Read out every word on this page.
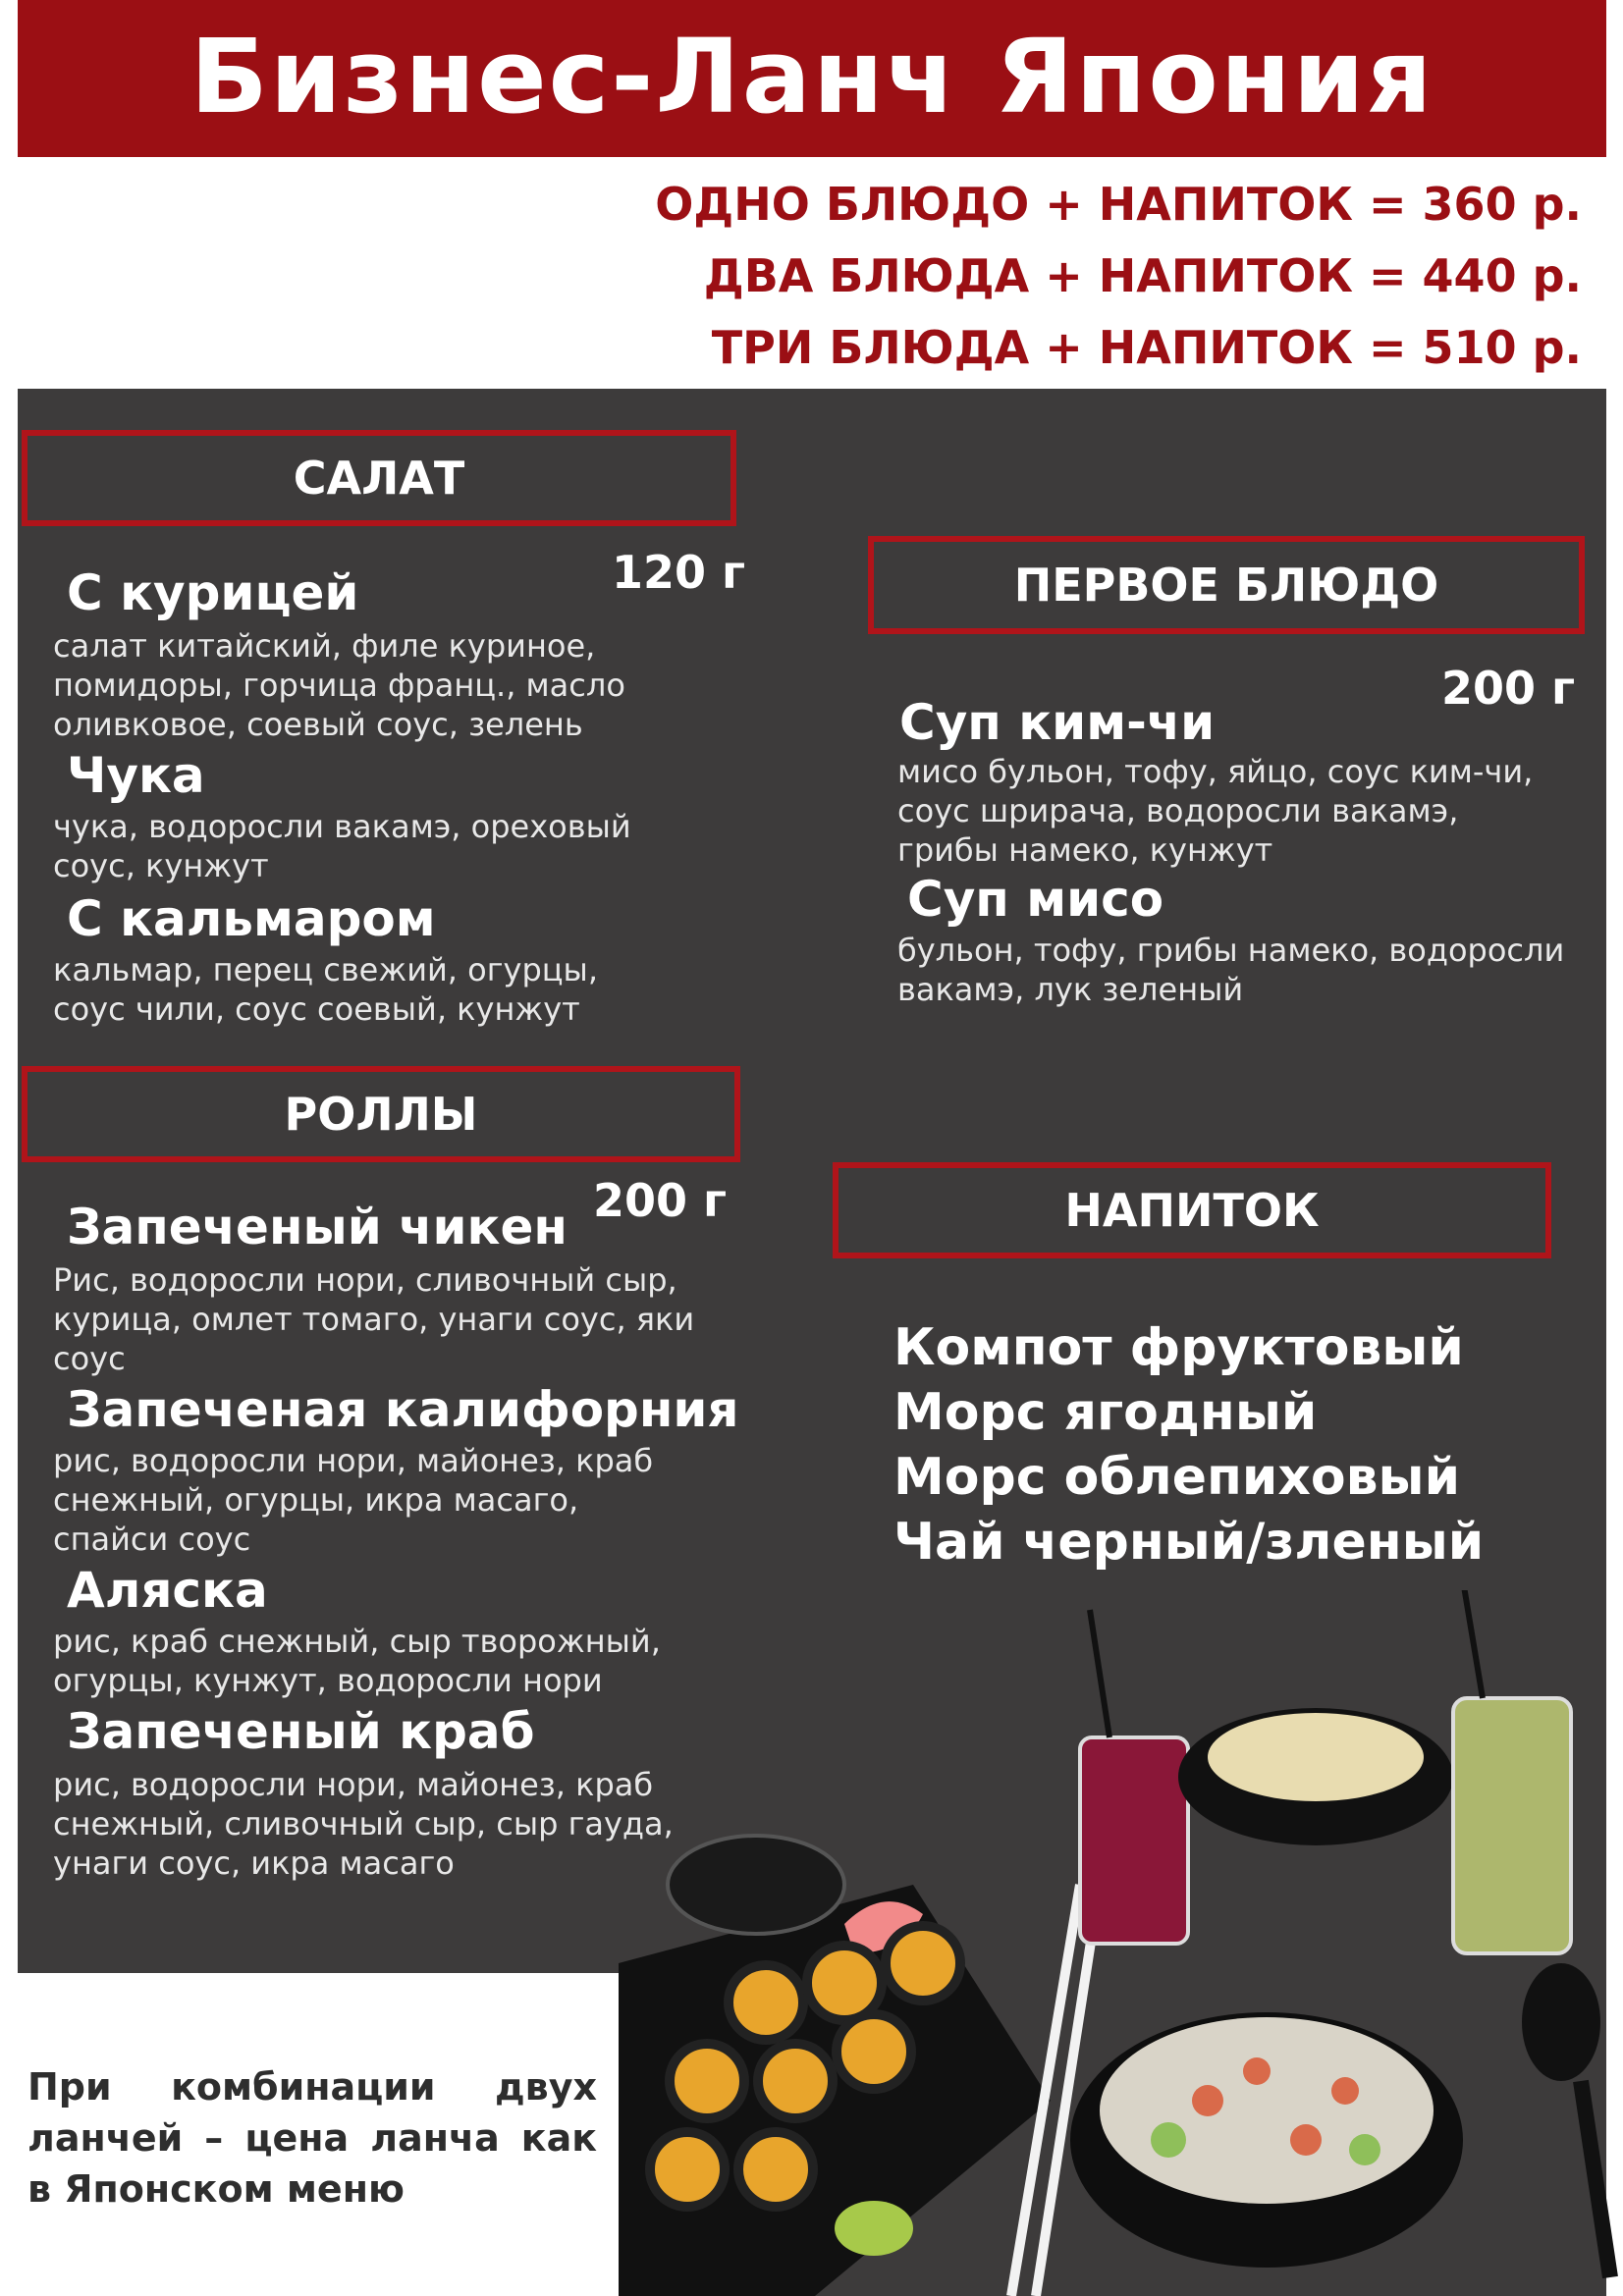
Бизнес-Ланч Япония
ОДНО БЛЮДО + НАПИТОК = 360 р.
ДВА БЛЮДА + НАПИТОК = 440 р.
ТРИ БЛЮДА + НАПИТОК = 510 р.
САЛАТ
120 г
С курицей
салат китайский, филе куриное, помидоры, горчица франц., масло оливковое, соевый соус, зелень
Чука
чука, водоросли вакамэ, ореховый соус, кунжут
С кальмаром
кальмар, перец свежий, огурцы, соус чили, соус соевый, кунжут
ПЕРВОЕ БЛЮДО
200 г
Суп ким-чи
мисо бульон, тофу, яйцо, соус ким-чи, соус шрирача, водоросли вакамэ, грибы намеко, кунжут
Суп мисо
бульон, тофу, грибы намеко, водоросли вакамэ, лук зеленый
РОЛЛЫ
200 г
Запеченый чикен
Рис, водоросли нори, сливочный сыр, курица, омлет томаго, унаги соус, яки соус
Запеченая калифорния
рис, водоросли нори, майонез, краб снежный, огурцы, икра масаго, спайси соус
Аляска
рис, краб снежный, сыр творожный, огурцы, кунжут, водоросли нори
Запеченый краб
рис, водоросли нори, майонез, краб снежный, сливочный сыр, сыр гауда, унаги соус, икра масаго
НАПИТОК
Компот фруктовый
Морс ягодный
Морс облепиховый
Чай черный/зленый
При комбинации двух ланчей – цена ланча как в Японском меню
